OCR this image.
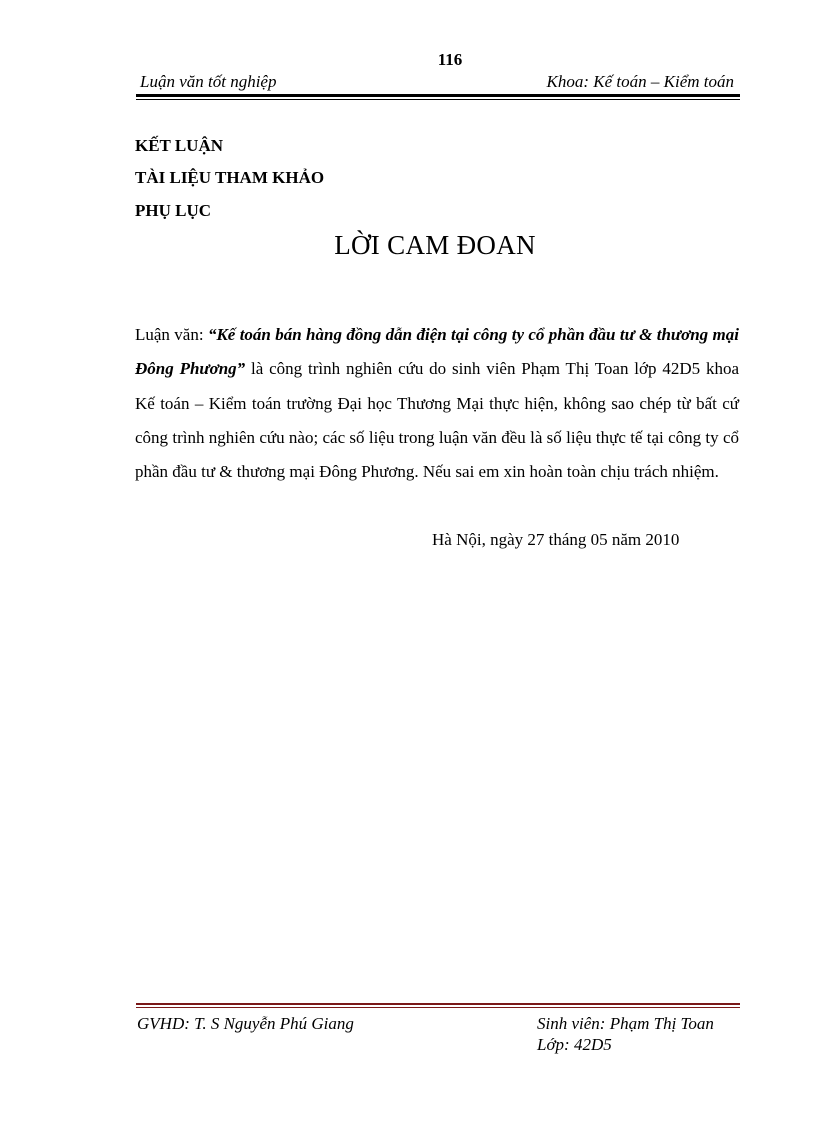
116
Luận văn tốt nghiệp	Khoa: Kế toán – Kiểm toán
KẾT LUẬN
TÀI LIỆU THAM KHẢO
PHỤ LỤC
LỜI CAM ĐOAN
Luận văn: “Kế toán bán hàng đồng dẫn điện tại công ty cổ phần đầu tư & thương mại Đông Phương” là công trình nghiên cứu do sinh viên Phạm Thị Toan lớp 42D5 khoa Kế toán – Kiểm toán trường Đại học Thương Mại thực hiện, không sao chép từ bất cứ công trình nghiên cứu nào; các số liệu trong luận văn đều là số liệu thực tế tại công ty cổ phần đầu tư & thương mại Đông Phương. Nếu sai em xin hoàn toàn chịu trách nhiệm.
Hà Nội, ngày 27 tháng 05 năm 2010
GVHD: T. S Nguyễn Phú Giang	Sinh viên: Phạm Thị Toan
Lớp: 42D5
